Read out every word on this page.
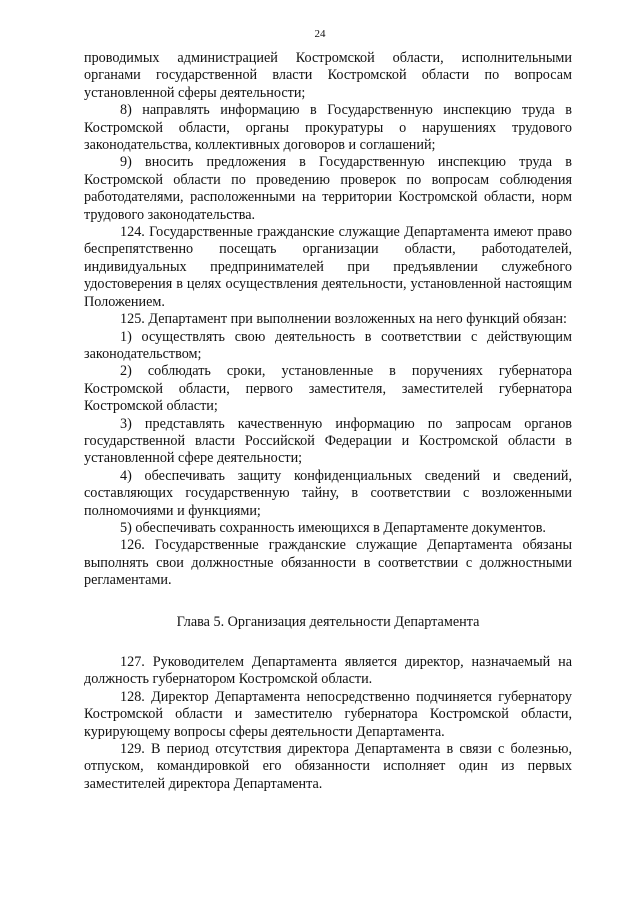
24

проводимых администрацией Костромской области, исполнительными органами государственной власти Костромской области по вопросам установленной сферы деятельности;

8) направлять информацию в Государственную инспекцию труда в Костромской области, органы прокуратуры о нарушениях трудового законодательства, коллективных договоров и соглашений;

9) вносить предложения в Государственную инспекцию труда в Костромской области по проведению проверок по вопросам соблюдения работодателями, расположенными на территории Костромской области, норм трудового законодательства.

124. Государственные гражданские служащие Департамента имеют право беспрепятственно посещать организации области, работодателей, индивидуальных предпринимателей при предъявлении служебного удостоверения в целях осуществления деятельности, установленной настоящим Положением.

125. Департамент при выполнении возложенных на него функций обязан:

1) осуществлять свою деятельность в соответствии с действующим законодательством;

2) соблюдать сроки, установленные в поручениях губернатора Костромской области, первого заместителя, заместителей губернатора Костромской области;

3) представлять качественную информацию по запросам органов государственной власти Российской Федерации и Костромской области в установленной сфере деятельности;

4) обеспечивать защиту конфиденциальных сведений и сведений, составляющих государственную тайну, в соответствии с возложенными полномочиями и функциями;

5) обеспечивать сохранность имеющихся в Департаменте документов.

126. Государственные гражданские служащие Департамента обязаны выполнять свои должностные обязанности в соответствии с должностными регламентами.

Глава 5. Организация деятельности Департамента

127. Руководителем Департамента является директор, назначаемый на должность губернатором Костромской области.

128. Директор Департамента непосредственно подчиняется губернатору Костромской области и заместителю губернатора Костромской области, курирующему вопросы сферы деятельности Департамента.

129. В период отсутствия директора Департамента в связи с болезнью, отпуском, командировкой его обязанности исполняет один из первых заместителей директора Департамента.
